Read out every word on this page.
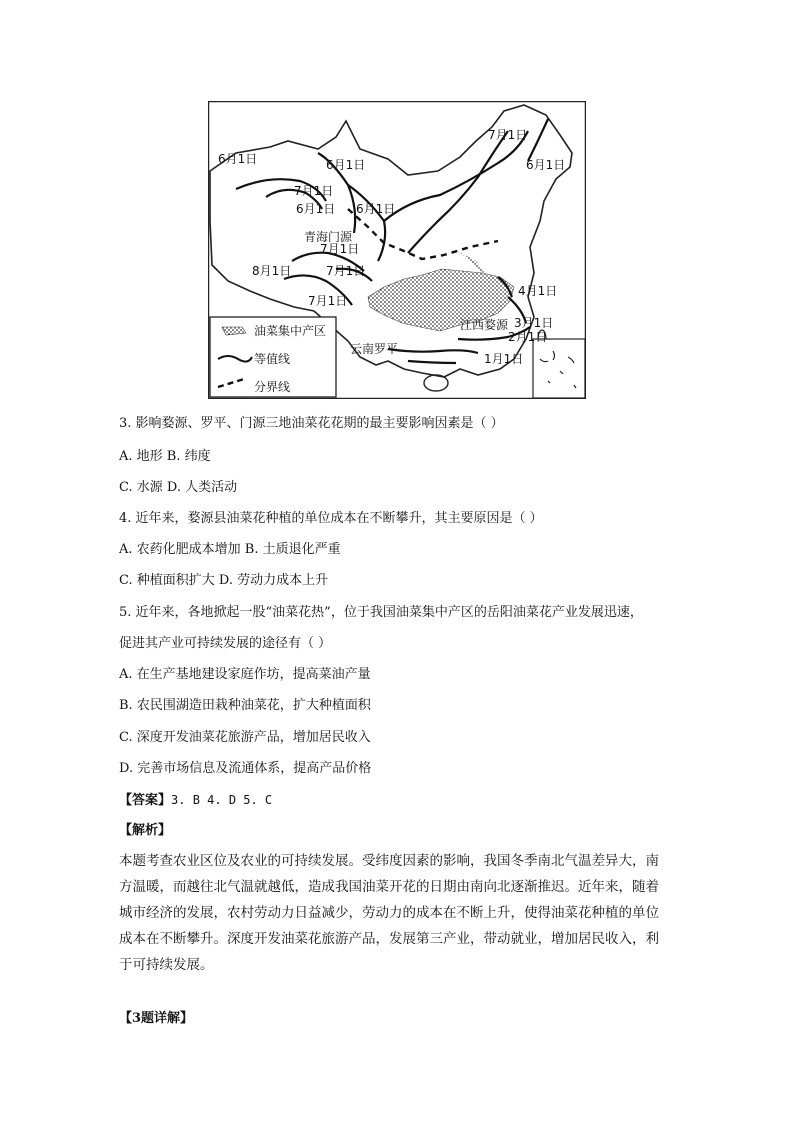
7月1日
6月1日	6月1日	6月1日
7月1日
6月1日 6月1日
青海门源
7月1日
8月1日	7月1日
7月1日
4月1日
江西婺源 3月1日
2月1日
云南罗平
1月1日
油菜集中产区
等值线
分界线
3. 影响婺源、罗平、门源三地油菜花花期的最主要影响因素是（ ）
A. 地形 B. 纬度
C. 水源 D. 人类活动
4. 近年来，婺源县油菜花种植的单位成本在不断攀升，其主要原因是（ ）
A. 农药化肥成本增加 B. 土质退化严重
C. 种植面积扩大 D. 劳动力成本上升
5. 近年来，各地掀起一股“油菜花热”，位于我国油菜集中产区的岳阳油菜花产业发展迅速，
促进其产业可持续发展的途径有（ ）
A. 在生产基地建设家庭作坊，提高菜油产量
B. 农民围湖造田栽种油菜花，扩大种植面积
C. 深度开发油菜花旅游产品，增加居民收入
D. 完善市场信息及流通体系，提高产品价格
【答案】3. B 4. D 5. C
【解析】
本题考查农业区位及农业的可持续发展。受纬度因素的影响，我国冬季南北气温差异大，南
方温暖，而越往北气温就越低，造成我国油菜开花的日期由南向北逐渐推迟。近年来，随着
城市经济的发展，农村劳动力日益减少，劳动力的成本在不断上升，使得油菜花种植的单位
成本在不断攀升。深度开发油菜花旅游产品，发展第三产业，带动就业，增加居民收入，利
于可持续发展。
【3题详解】
